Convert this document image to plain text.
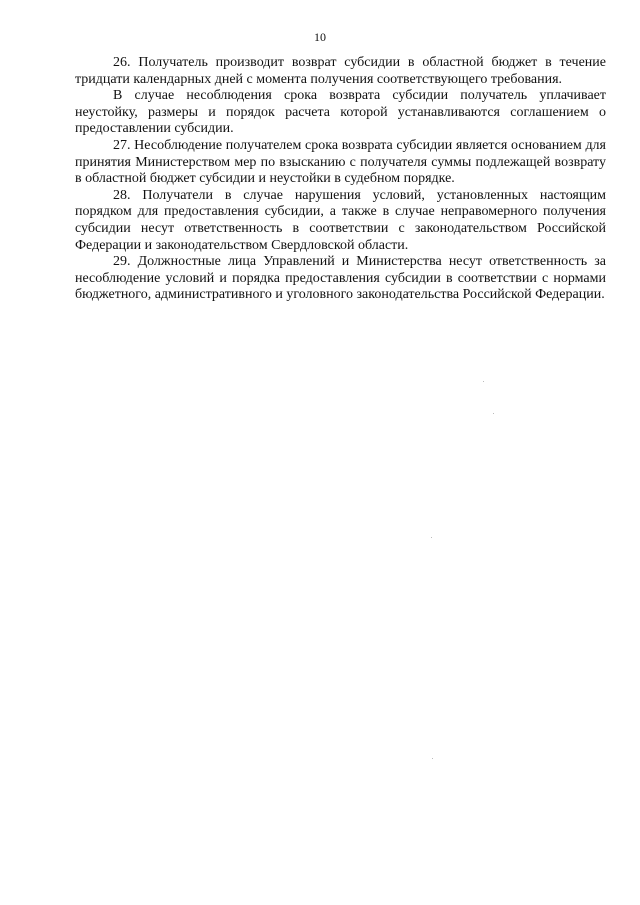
10

26. Получатель производит возврат субсидии в областной бюджет в течение тридцати календарных дней с момента получения соответствующего требования.

В случае несоблюдения срока возврата субсидии получатель уплачивает неустойку, размеры и порядок расчета которой устанавливаются соглашением о предоставлении субсидии.

27. Несоблюдение получателем срока возврата субсидии является основанием для принятия Министерством мер по взысканию с получателя суммы подлежащей возврату в областной бюджет субсидии и неустойки в судебном порядке.

28. Получатели в случае нарушения условий, установленных настоящим порядком для предоставления субсидии, а также в случае неправомерного получения субсидии несут ответственность в соответствии с законодательством Российской Федерации и законодательством Свердловской области.

29. Должностные лица Управлений и Министерства несут ответственность за несоблюдение условий и порядка предоставления субсидии в соответствии с нормами бюджетного, административного и уголовного законодательства Российской Федерации.
